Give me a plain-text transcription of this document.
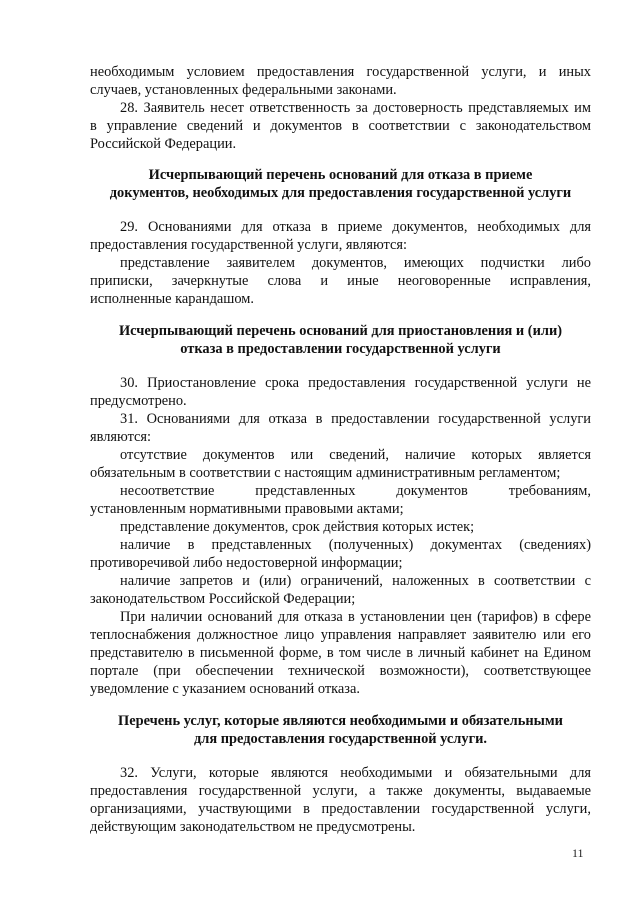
необходимым условием предоставления государственной услуги, и иных
случаев, установленных федеральными законами.
28. Заявитель несет ответственность за достоверность представляемых им
в управление сведений и документов в соответствии с законодательством
Российской Федерации.
Исчерпывающий перечень оснований для отказа в приеме
документов, необходимых для предоставления государственной услуги
29. Основаниями для отказа в приеме документов, необходимых для
предоставления государственной услуги, являются:
представление заявителем документов, имеющих подчистки либо
приписки, зачеркнутые слова и иные неоговоренные исправления,
исполненные карандашом.
Исчерпывающий перечень оснований для приостановления и (или)
отказа в предоставлении государственной услуги
30. Приостановление срока предоставления государственной услуги не
предусмотрено.
31. Основаниями для отказа в предоставлении государственной услуги
являются:
отсутствие документов или сведений, наличие которых является
обязательным в соответствии с настоящим административным регламентом;
несоответствие представленных документов требованиям,
установленным нормативными правовыми актами;
представление документов, срок действия которых истек;
наличие в представленных (полученных) документах (сведениях)
противоречивой либо недостоверной информации;
наличие запретов и (или) ограничений, наложенных в соответствии с
законодательством Российской Федерации;
При наличии оснований для отказа в установлении цен (тарифов) в сфере
теплоснабжения должностное лицо управления направляет заявителю или его
представителю в письменной форме, в том числе в личный кабинет на Едином
портале (при обеспечении технической возможности), соответствующее
уведомление с указанием оснований отказа.
Перечень услуг, которые являются необходимыми и обязательными
для предоставления государственной услуги.
32. Услуги, которые являются необходимыми и обязательными для
предоставления государственной услуги, а также документы, выдаваемые
организациями, участвующими в предоставлении государственной услуги,
действующим законодательством не предусмотрены.
11
